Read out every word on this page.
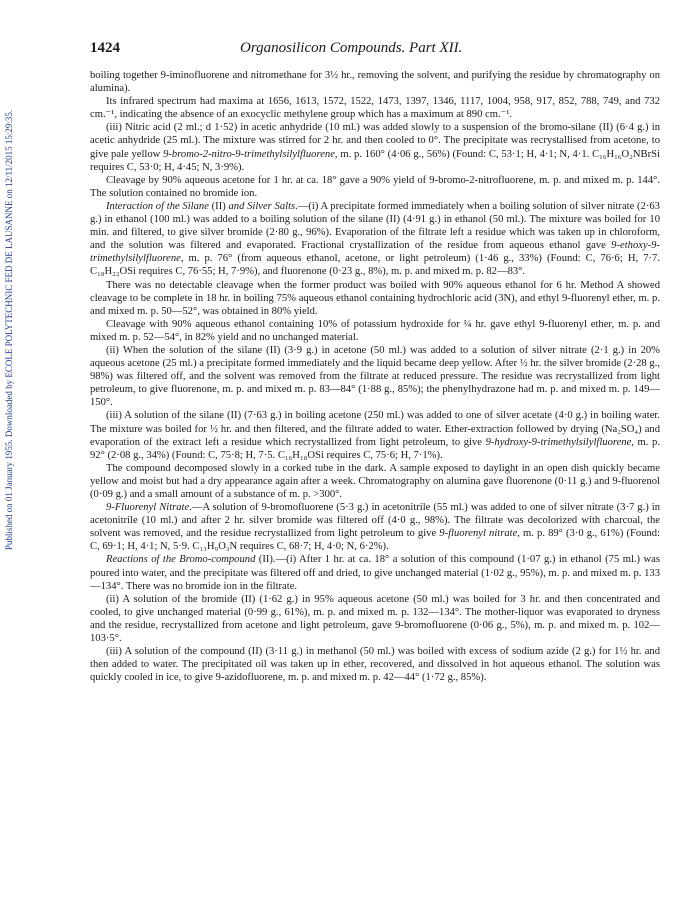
Published on 01 January 1955. Downloaded by ECOLE POLYTECHNIC FED DE LAUSANNE on 12/11/2015 15:29:35.
1424	Organosilicon Compounds. Part XII.

boiling together 9-iminofluorene and nitromethane for 3½ hr., removing the solvent, and purifying the residue by chromatography on alumina).

Its infrared spectrum had maxima at 1656, 1613, 1572, 1522, 1473, 1397, 1346, 1117, 1004, 958, 917, 852, 788, 749, and 732 cm.⁻¹, indicating the absence of an exocyclic methylene group which has a maximum at 890 cm.⁻¹.

(iii) Nitric acid (2 ml.; d 1·52) in acetic anhydride (10 ml.) was added slowly to a suspension of the bromo-silane (II) (6·4 g.) in acetic anhydride (25 ml.). The mixture was stirred for 2 hr. and then cooled to 0°. The precipitate was recrystallised from acetone, to give pale yellow 9-bromo-2-nitro-9-trimethylsilylfluorene, m. p. 160° (4·06 g., 56%) (Found: C, 53·1; H, 4·1; N, 4·1. C₁₆H₁₆O₂NBrSi requires C, 53·0; H, 4·45; N, 3·9%).

Cleavage by 90% aqueous acetone for 1 hr. at ca. 18° gave a 90% yield of 9-bromo-2-nitrofluorene, m. p. and mixed m. p. 144°. The solution contained no bromide ion.

Interaction of the Silane (II) and Silver Salts.—(i) A precipitate formed immediately when a boiling solution of silver nitrate (2·63 g.) in ethanol (100 ml.) was added to a boiling solution of the silane (II) (4·91 g.) in ethanol (50 ml.). The mixture was boiled for 10 min. and filtered, to give silver bromide (2·80 g., 96%). Evaporation of the filtrate left a residue which was taken up in chloroform, and the solution was filtered and evaporated. Fractional crystallization of the residue from aqueous ethanol gave 9-ethoxy-9-trimethylsilylfluorene, m. p. 76° (from aqueous ethanol, acetone, or light petroleum) (1·46 g., 33%) (Found: C, 76·6; H, 7·7. C₁₈H₂₂OSi requires C, 76·55; H, 7·9%), and fluorenone (0·23 g., 8%), m. p. and mixed m. p. 82—83°.

There was no detectable cleavage when the former product was boiled with 90% aqueous ethanol for 6 hr. Method A showed cleavage to be complete in 18 hr. in boiling 75% aqueous ethanol containing hydrochloric acid (3N), and ethyl 9-fluorenyl ether, m. p. and mixed m. p. 50—52°, was obtained in 80% yield.

Cleavage with 90% aqueous ethanol containing 10% of potassium hydroxide for ¼ hr. gave ethyl 9-fluorenyl ether, m. p. and mixed m. p. 52—54°, in 82% yield and no unchanged material.

(ii) When the solution of the silane (II) (3·9 g.) in acetone (50 ml.) was added to a solution of silver nitrate (2·1 g.) in 20% aqueous acetone (25 ml.) a precipitate formed immediately and the liquid became deep yellow. After ½ hr. the silver bromide (2·28 g., 98%) was filtered off, and the solvent was removed from the filtrate at reduced pressure. The residue was recrystallized from light petroleum, to give fluorenone, m. p. and mixed m. p. 83—84° (1·88 g., 85%); the phenylhydrazone had m. p. and mixed m. p. 149—150°.

(iii) A solution of the silane (II) (7·63 g.) in boiling acetone (250 ml.) was added to one of silver acetate (4·0 g.) in boiling water. The mixture was boiled for ½ hr. and then filtered, and the filtrate added to water. Ether-extraction followed by drying (Na₂SO₄) and evaporation of the extract left a residue which recrystallized from light petroleum, to give 9-hydroxy-9-trimethylsilylfluorene, m. p. 92° (2·08 g., 34%) (Found: C, 75·8; H, 7·5. C₁₆H₁₈OSi requires C, 75·6; H, 7·1%).

The compound decomposed slowly in a corked tube in the dark. A sample exposed to daylight in an open dish quickly became yellow and moist but had a dry appearance again after a week. Chromatography on alumina gave fluorenone (0·11 g.) and 9-fluorenol (0·09 g.) and a small amount of a substance of m. p. >300°.

9-Fluorenyl Nitrate.—A solution of 9-bromofluorene (5·3 g.) in acetonitrile (55 ml.) was added to one of silver nitrate (3·7 g.) in acetonitrile (10 ml.) and after 2 hr. silver bromide was filtered off (4·0 g., 98%). The filtrate was decolorized with charcoal, the solvent was removed, and the residue recrystallized from light petroleum to give 9-fluorenyl nitrate, m. p. 89° (3·0 g., 61%) (Found: C, 69·1; H, 4·1; N, 5·9. C₁₃H₉O₃N requires C, 68·7; H, 4·0; N, 6·2%).

Reactions of the Bromo-compound (II).—(i) After 1 hr. at ca. 18° a solution of this compound (1·07 g.) in ethanol (75 ml.) was poured into water, and the precipitate was filtered off and dried, to give unchanged material (1·02 g., 95%), m. p. and mixed m. p. 133—134°. There was no bromide ion in the filtrate.

(ii) A solution of the bromide (II) (1·62 g.) in 95% aqueous acetone (50 ml.) was boiled for 3 hr. and then concentrated and cooled, to give unchanged material (0·99 g., 61%), m. p. and mixed m. p. 132—134°. The mother-liquor was evaporated to dryness and the residue, recrystallized from acetone and light petroleum, gave 9-bromofluorene (0·06 g., 5%), m. p. and mixed m. p. 102—103·5°.

(iii) A solution of the compound (II) (3·11 g.) in methanol (50 ml.) was boiled with excess of sodium azide (2 g.) for 1½ hr. and then added to water. The precipitated oil was taken up in ether, recovered, and dissolved in hot aqueous ethanol. The solution was quickly cooled in ice, to give 9-azidofluorene, m. p. and mixed m. p. 42—44° (1·72 g., 85%).
